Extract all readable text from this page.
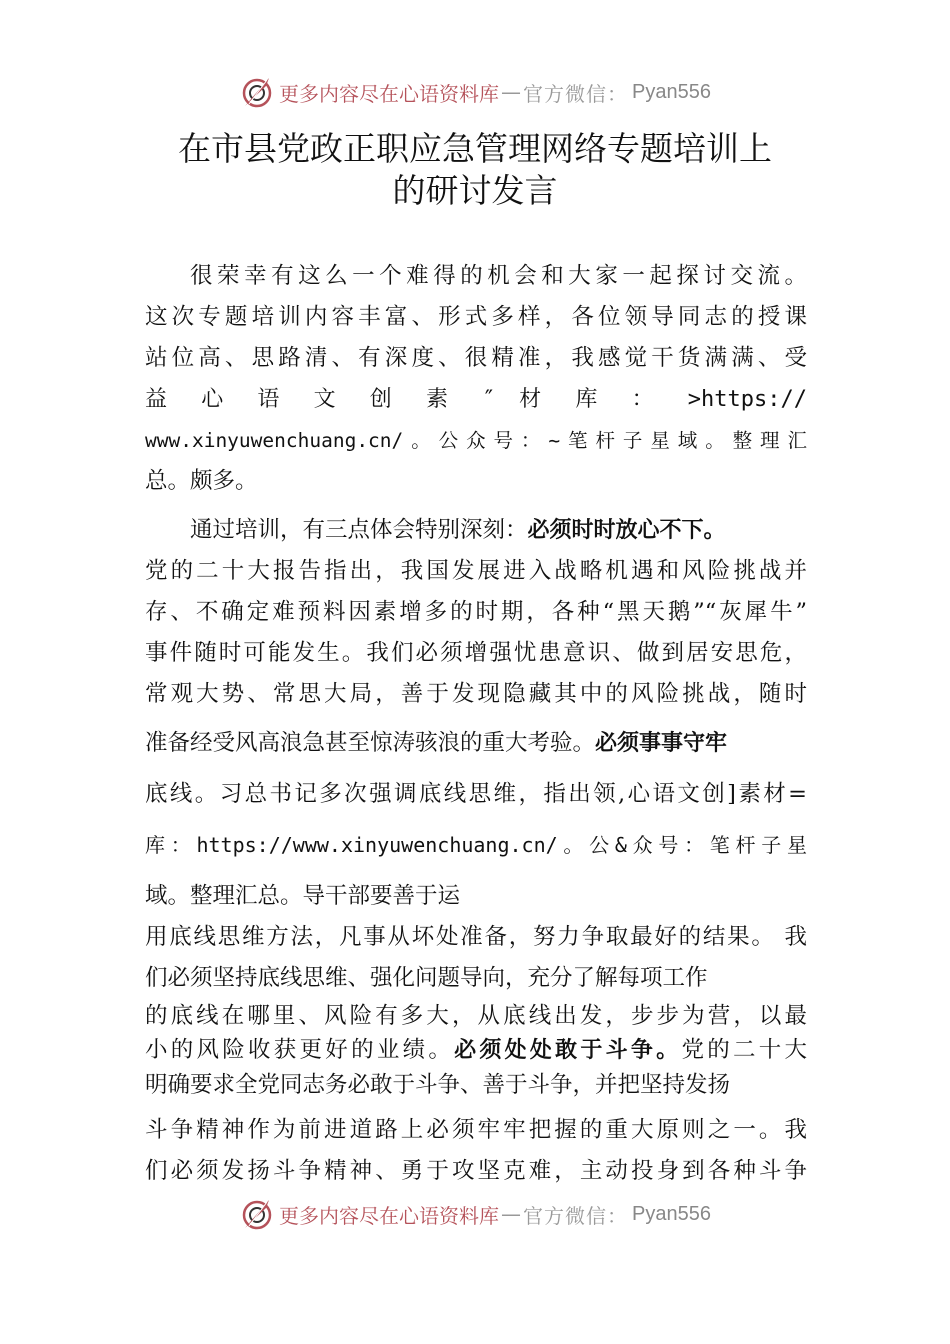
更多内容尽在心语资料库 — 官方微信： Pyan556
在市县党政正职应急管理网络专题培训上
的研讨发言
很荣幸有这么一个难得的机会和大家一起探讨交流。
这次专题培训内容丰富、形式多样，各位领导同志的授课
站位高、思路清、有深度、很精准，我感觉干货满满、受
益 心 语 文 创 素 ″ 材 库 ： >https://
www.xinyuwenchuang.cn/。公众号：~笔杆子星域。整理汇
总。颇多。
通过培训，有三点体会特别深刻：必须时时放心不下。
党的二十大报告指出，我国发展进入战略机遇和风险挑战并
存、不确定难预料因素增多的时期，各种“黑天鹅”“灰犀牛”
事件随时可能发生。我们必须增强忧患意识、做到居安思危，
常观大势、常思大局，善于发现隐藏其中的风险挑战，随时
准备经受风高浪急甚至惊涛骇浪的重大考验。必须事事守牢
底线。习总书记多次强调底线思维，指出领,心语文创]素材=
库：https://www.xinyuwenchuang.cn/。公&众号：笔杆子星
域。整理汇总。导干部要善于运
用底线思维方法，凡事从坏处准备，努力争取最好的结果。 我
们必须坚持底线思维、强化问题导向，充分了解每项工作
的底线在哪里、风险有多大，从底线出发，步步为营，以最
小的风险收获更好的业绩。必须处处敢于斗争。党的二十大
明确要求全党同志务必敢于斗争、善于斗争，并把坚持发扬
斗争精神作为前进道路上必须牢牢把握的重大原则之一。我
们必须发扬斗争精神、勇于攻坚克难，主动投身到各种斗争
更多内容尽在心语资料库 — 官方微信： Pyan556
